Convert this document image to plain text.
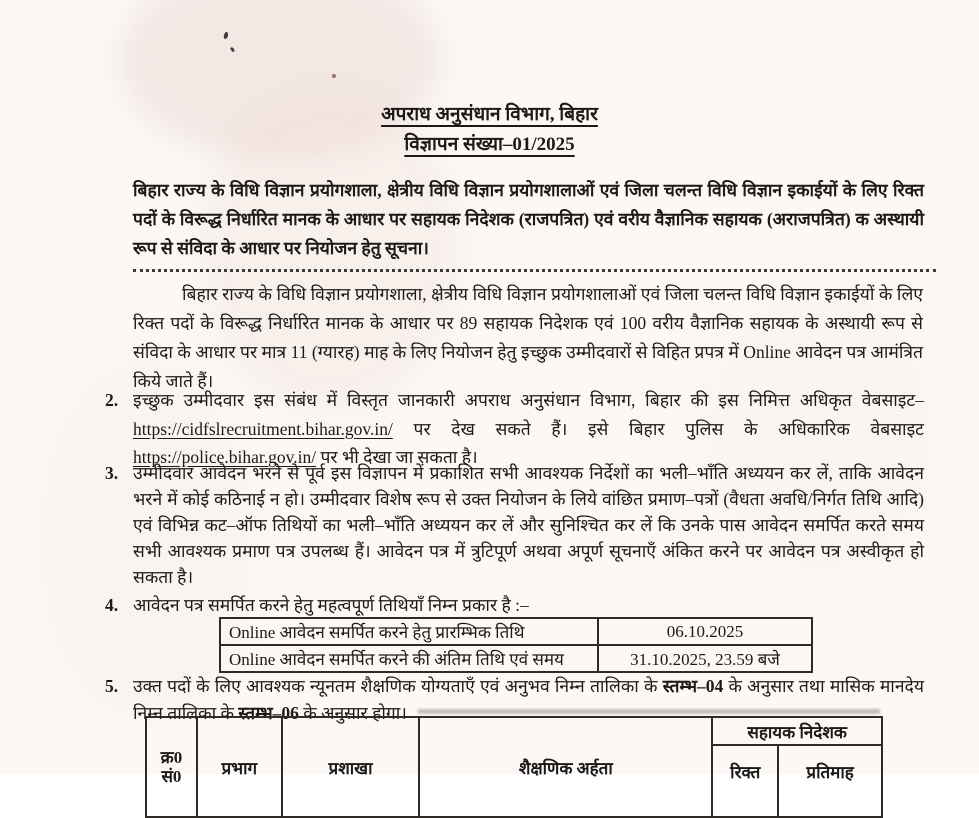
अपराध अनुसंधान विभाग, बिहार
विज्ञापन संख्या–01/2025
बिहार राज्य के विधि विज्ञान प्रयोगशाला, क्षेत्रीय विधि विज्ञान प्रयोगशालाओं एवं जिला चलन्त विधि विज्ञान इकाईयों के लिए रिक्त पदों के विरूद्ध निर्धारित मानक के आधार पर सहायक निदेशक (राजपत्रित) एवं वरीय वैज्ञानिक सहायक (अराजपत्रित) क अस्थायी रूप से संविदा के आधार पर नियोजन हेतु सूचना।
बिहार राज्य के विधि विज्ञान प्रयोगशाला, क्षेत्रीय विधि विज्ञान प्रयोगशालाओं एवं जिला चलन्त विधि विज्ञान इकाईयों के लिए रिक्त पदों के विरूद्ध निर्धारित मानक के आधार पर 89 सहायक निदेशक एवं 100 वरीय वैज्ञानिक सहायक के अस्थायी रूप से संविदा के आधार पर मात्र 11 (ग्यारह) माह के लिए नियोजन हेतु इच्छुक उम्मीदवारों से विहित प्रपत्र में Online आवेदन पत्र आमंत्रित किये जाते हैं।
2. इच्छुक उम्मीदवार इस संबंध में विस्तृत जानकारी अपराध अनुसंधान विभाग, बिहार की इस निमित्त अधिकृत वेबसाइट– https://cidfslrecruitment.bihar.gov.in/ पर देख सकते हैं। इसे बिहार पुलिस के अधिकारिक वेबसाइट https://police.bihar.gov.in/ पर भी देखा जा सकता है।
3. उम्मीदवार आवेदन भरने से पूर्व इस विज्ञापन में प्रकाशित सभी आवश्यक निर्देशों का भली–भाँति अध्ययन कर लें, ताकि आवेदन भरने में कोई कठिनाई न हो। उम्मीदवार विशेष रूप से उक्त नियोजन के लिये वांछित प्रमाण–पत्रों (वैधता अवधि/निर्गत तिथि आदि) एवं विभिन्न कट–ऑफ तिथियों का भली–भाँति अध्ययन कर लें और सुनिश्चित कर लें कि उनके पास आवेदन समर्पित करते समय सभी आवश्यक प्रमाण पत्र उपलब्ध हैं। आवेदन पत्र में त्रुटिपूर्ण अथवा अपूर्ण सूचनाएँ अंकित करने पर आवेदन पत्र अस्वीकृत हो सकता है।
4. आवेदन पत्र समर्पित करने हेतु महत्वपूर्ण तिथियाँ निम्न प्रकार है :–
Online आवेदन समर्पित करने हेतु प्रारम्भिक तिथि	06.10.2025
Online आवेदन समर्पित करने की अंतिम तिथि एवं समय	31.10.2025, 23.59 बजे
5. उक्त पदों के लिए आवश्यक न्यूनतम शैक्षणिक योग्यताएँ एवं अनुभव निम्न तालिका के स्तम्भ–04 के अनुसार तथा मासिक मानदेय निम्न तालिका के स्तम्भ–06 के अनुसार होगा।
क्र0
सं0	प्रभाग	प्रशाखा	शैक्षणिक अर्हता	सहायक निदेशक	
				रिक्त	प्रतिमाह
